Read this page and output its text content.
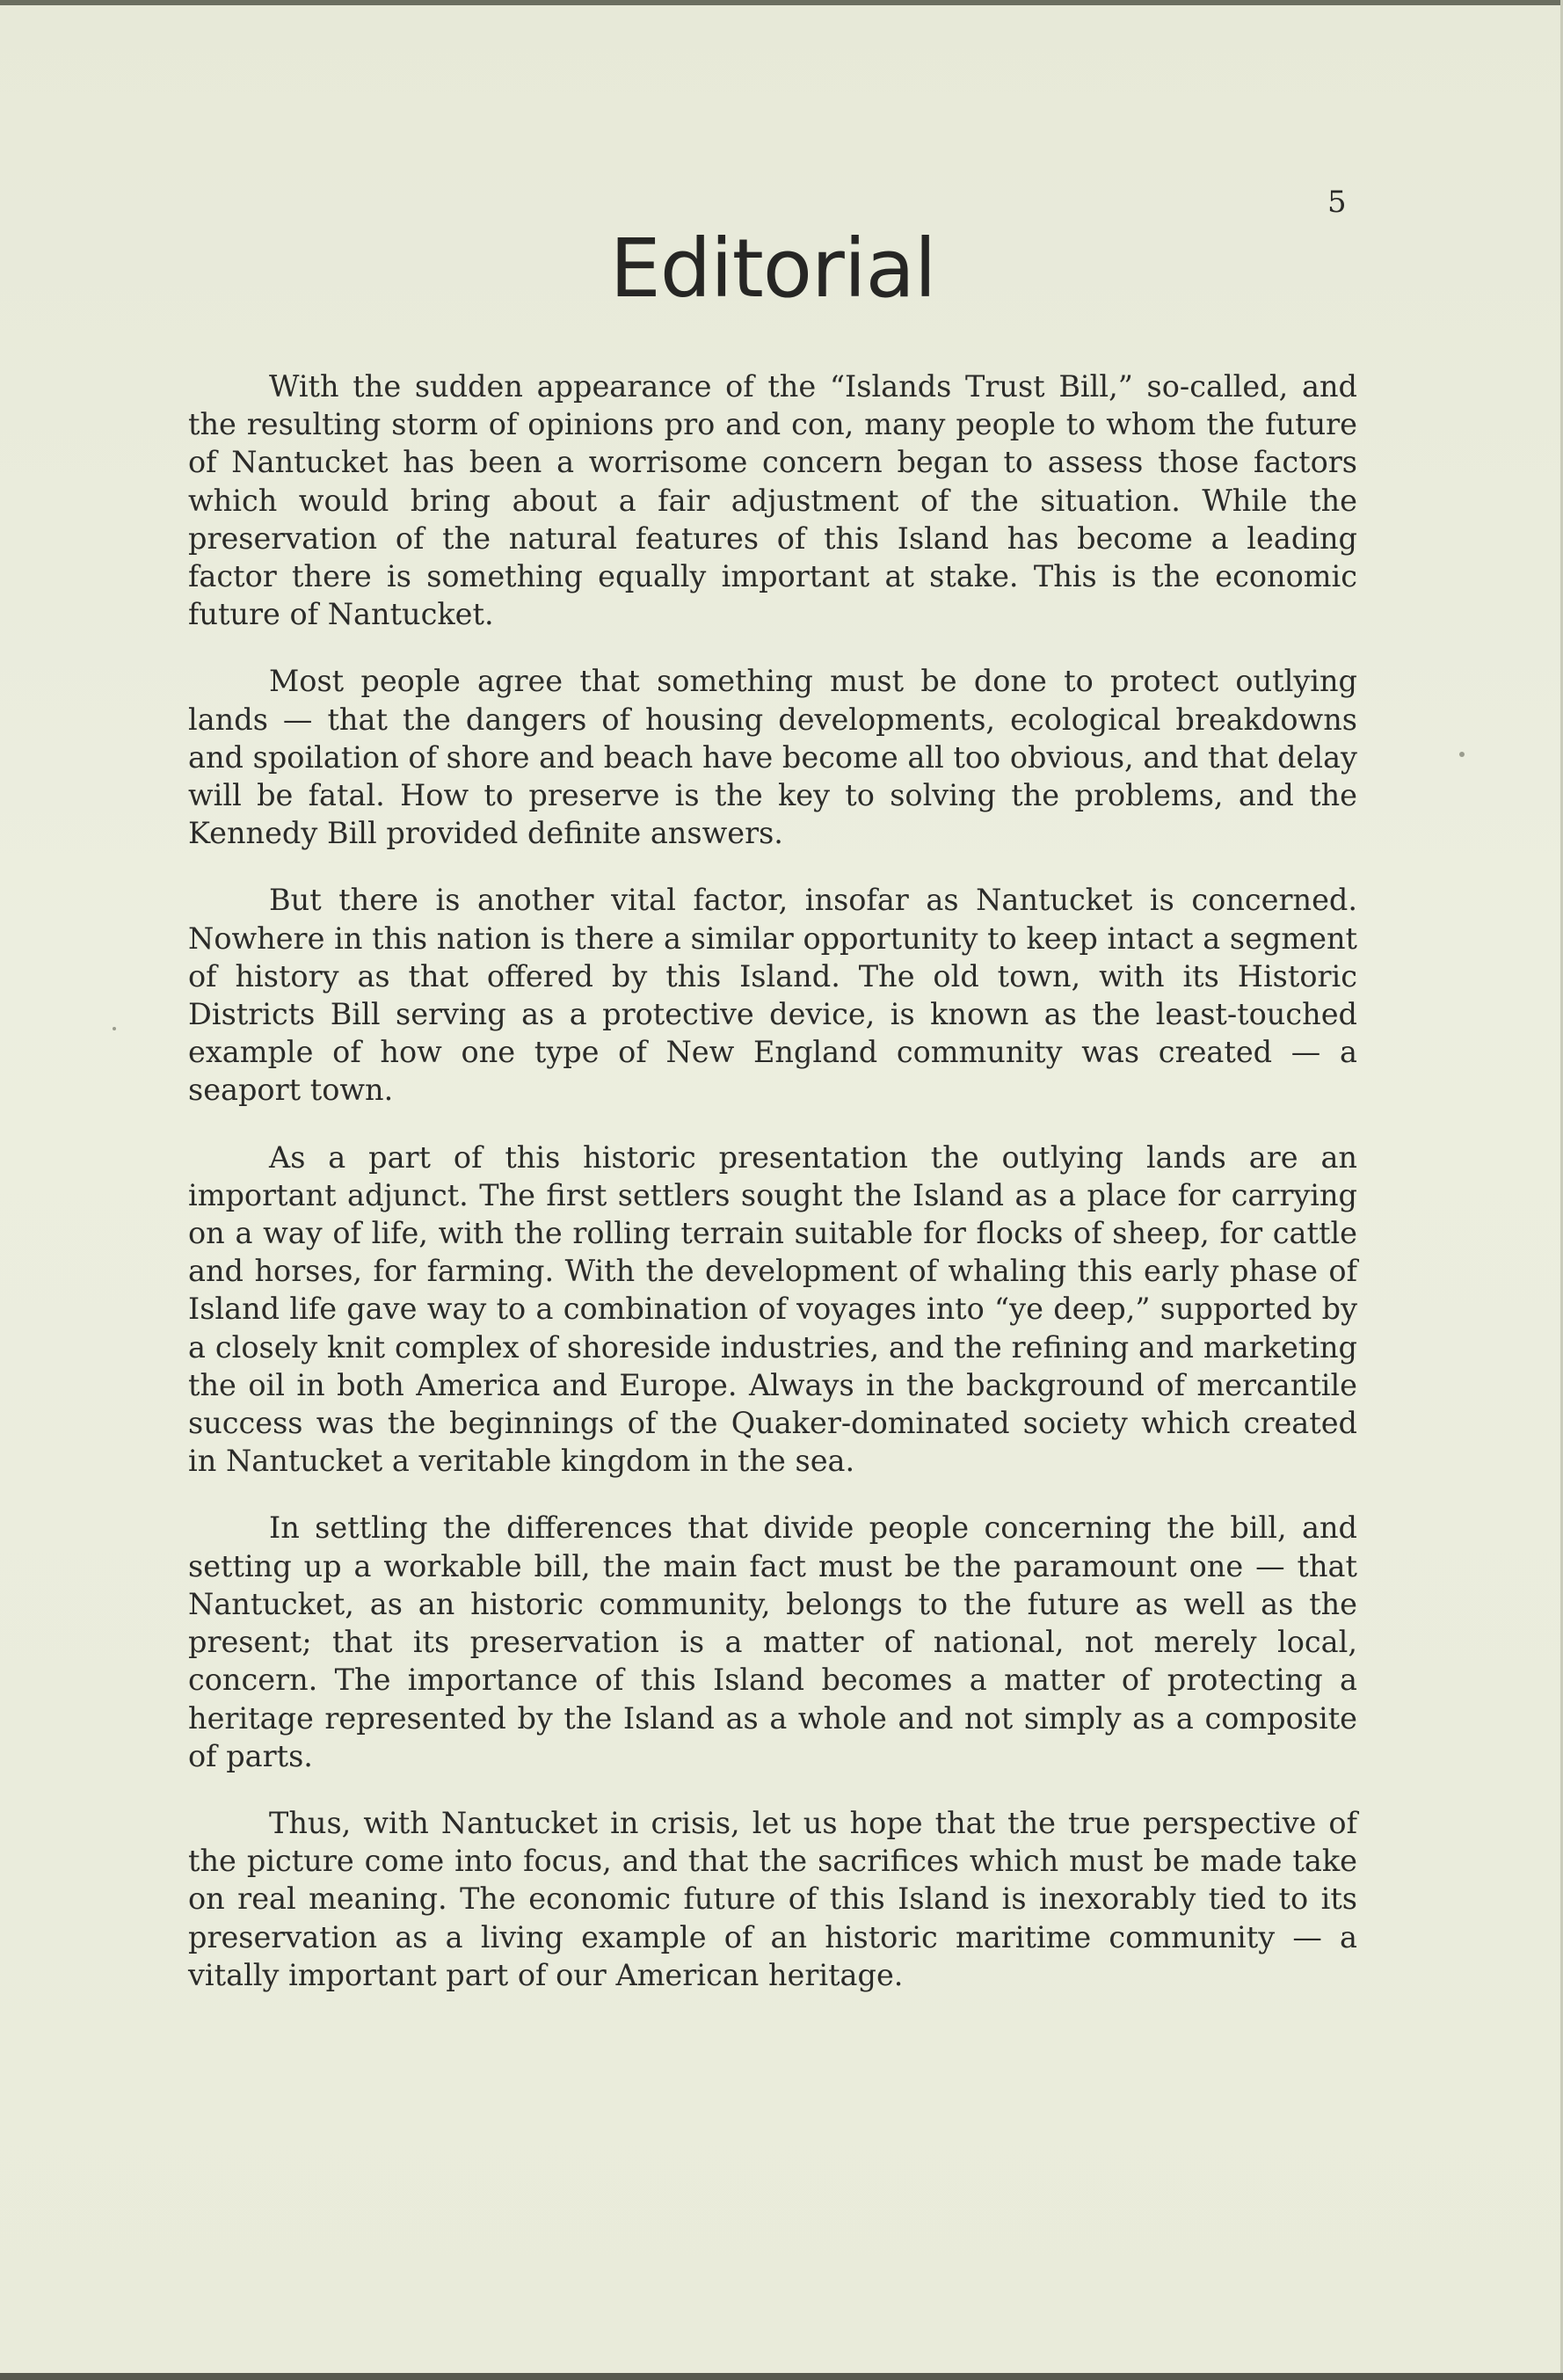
5
Editorial

With the sudden appearance of the “Islands Trust Bill,” so-called, and the resulting storm of opinions pro and con, many people to whom the future of Nantucket has been a worrisome concern began to assess those factors which would bring about a fair adjustment of the situation. While the preservation of the natural features of this Island has become a leading factor there is something equally important at stake. This is the economic future of Nantucket.

Most people agree that something must be done to protect outlying lands — that the dangers of housing developments, ecological breakdowns and spoilation of shore and beach have become all too obvious, and that delay will be fatal. How to preserve is the key to solving the problems, and the Kennedy Bill provided definite answers.

But there is another vital factor, insofar as Nantucket is concerned. Nowhere in this nation is there a similar opportunity to keep intact a segment of history as that offered by this Island. The old town, with its Historic Districts Bill serving as a protective device, is known as the least-touched example of how one type of New England community was created — a seaport town.

As a part of this historic presentation the outlying lands are an important adjunct. The first settlers sought the Island as a place for carrying on a way of life, with the rolling terrain suitable for flocks of sheep, for cattle and horses, for farming. With the development of whaling this early phase of Island life gave way to a combination of voyages into “ye deep,” supported by a closely knit complex of shoreside industries, and the refining and marketing the oil in both America and Europe. Always in the background of mercantile success was the beginnings of the Quaker-dominated society which created in Nantucket a veritable kingdom in the sea.

In settling the differences that divide people concerning the bill, and setting up a workable bill, the main fact must be the paramount one — that Nantucket, as an historic community, belongs to the future as well as the present; that its preservation is a matter of national, not merely local, concern. The importance of this Island becomes a matter of protecting a heritage represented by the Island as a whole and not simply as a composite of parts.

Thus, with Nantucket in crisis, let us hope that the true perspective of the picture come into focus, and that the sacrifices which must be made take on real meaning. The economic future of this Island is inexorably tied to its preservation as a living example of an historic maritime community — a vitally important part of our American heritage.
